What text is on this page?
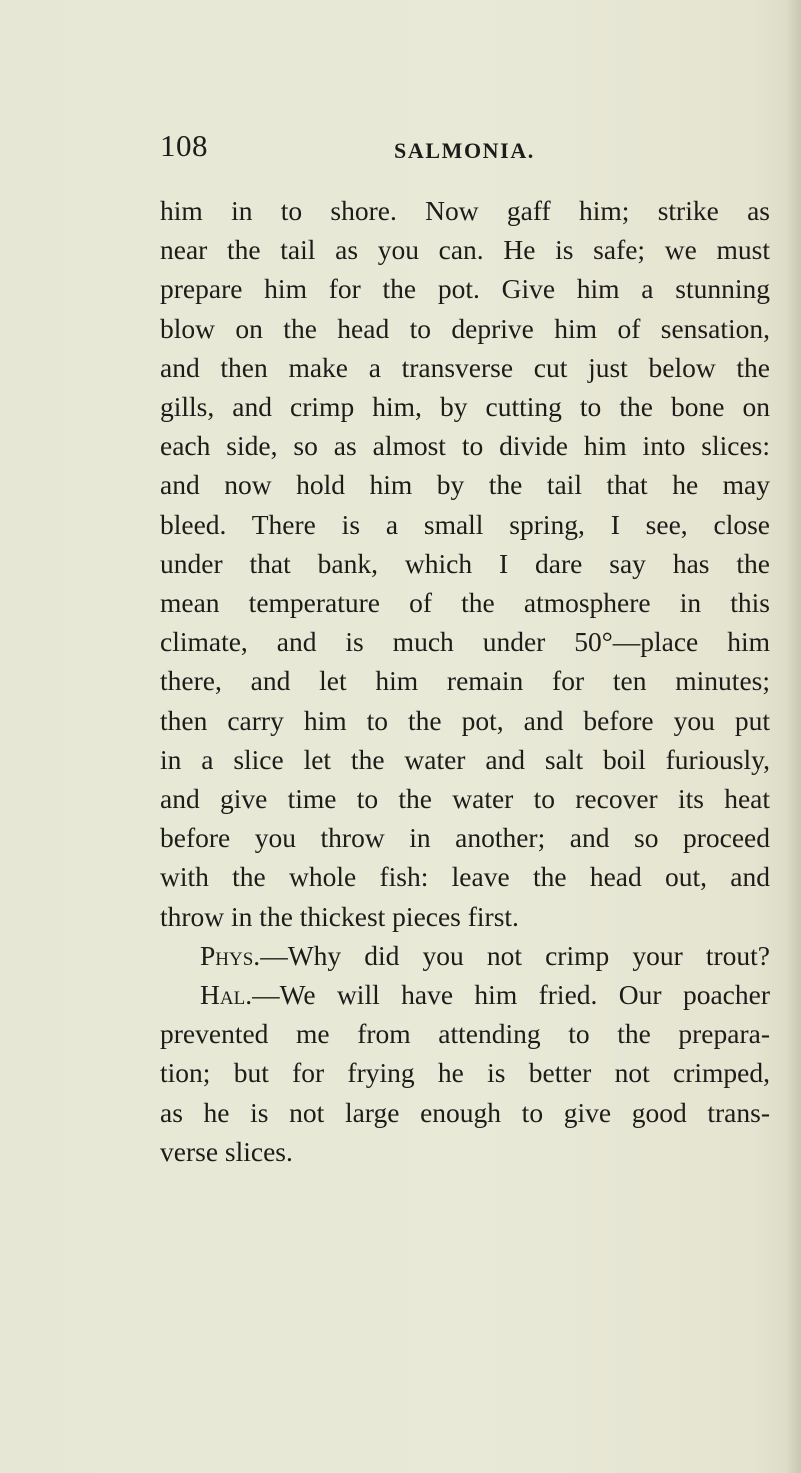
108	SALMONIA.
him in to shore. Now gaff him; strike as
near the tail as you can. He is safe; we must
prepare him for the pot. Give him a stunning
blow on the head to deprive him of sensation,
and then make a transverse cut just below the
gills, and crimp him, by cutting to the bone on
each side, so as almost to divide him into slices:
and now hold him by the tail that he may
bleed. There is a small spring, I see, close
under that bank, which I dare say has the
mean temperature of the atmosphere in this
climate, and is much under 50°—place him
there, and let him remain for ten minutes;
then carry him to the pot, and before you put
in a slice let the water and salt boil furiously,
and give time to the water to recover its heat
before you throw in another; and so proceed
with the whole fish: leave the head out, and
throw in the thickest pieces first.
Phys.—Why did you not crimp your trout?
Hal.—We will have him fried. Our poacher
prevented me from attending to the prepara-
tion; but for frying he is better not crimped,
as he is not large enough to give good trans-
verse slices.
